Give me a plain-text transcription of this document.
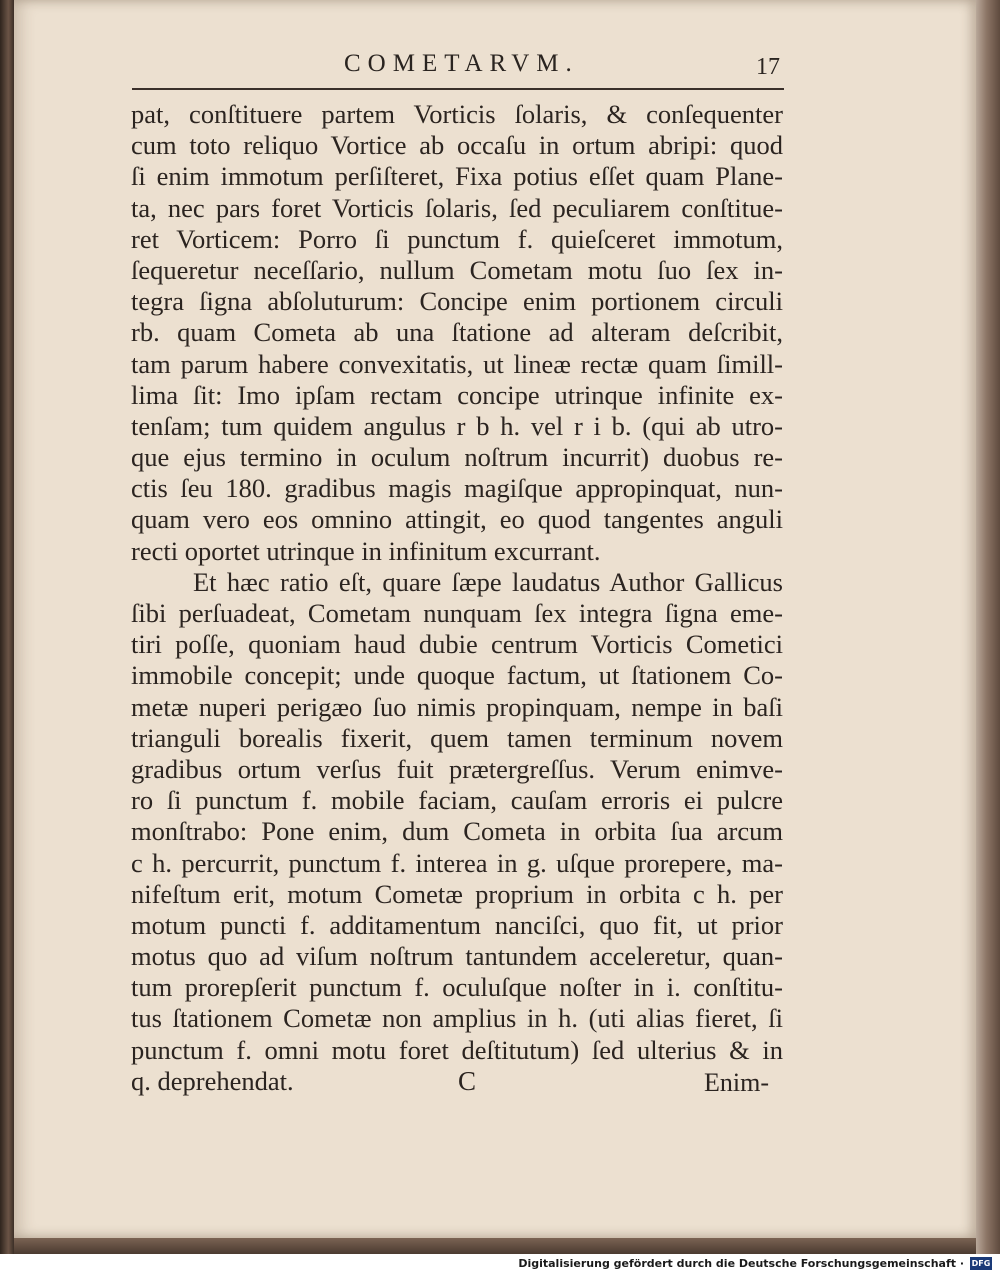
COMETARVM.	17
pat, conſtituere partem Vorticis ſolaris, & conſequenter
cum toto reliquo Vortice ab occaſu in ortum abripi: quod
ſi enim immotum perſiſteret, Fixa potius eſſet quam Plane-
ta, nec pars foret Vorticis ſolaris, ſed peculiarem conſtitue-
ret Vorticem: Porro ſi punctum f. quieſceret immotum,
ſequeretur neceſſario, nullum Cometam motu ſuo ſex in-
tegra ſigna abſoluturum: Concipe enim portionem circuli
rb. quam Cometa ab una ſtatione ad alteram deſcribit,
tam parum habere convexitatis, ut lineæ rectæ quam ſimill-
lima ſit: Imo ipſam rectam concipe utrinque infinite ex-
tenſam; tum quidem angulus r b h. vel r i b. (qui ab utro-
que ejus termino in oculum noſtrum incurrit) duobus re-
ctis ſeu 180. gradibus magis magiſque appropinquat, nun-
quam vero eos omnino attingit, eo quod tangentes anguli
recti oportet utrinque in infinitum excurrant.
Et hæc ratio eſt, quare ſæpe laudatus Author Gallicus
ſibi perſuadeat, Cometam nunquam ſex integra ſigna eme-
tiri poſſe, quoniam haud dubie centrum Vorticis Cometici
immobile concepit; unde quoque factum, ut ſtationem Co-
metæ nuperi perigæo ſuo nimis propinquam, nempe in baſi
trianguli borealis fixerit, quem tamen terminum novem
gradibus ortum verſus fuit prætergreſſus. Verum enimve-
ro ſi punctum f. mobile faciam, cauſam erroris ei pulcre
monſtrabo: Pone enim, dum Cometa in orbita ſua arcum
c h. percurrit, punctum f. interea in g. uſque prorepere, ma-
nifeſtum erit, motum Cometæ proprium in orbita c h. per
motum puncti f. additamentum nanciſci, quo fit, ut prior
motus quo ad viſum noſtrum tantundem acceleretur, quan-
tum prorepſerit punctum f. oculuſque noſter in i. conſtitu-
tus ſtationem Cometæ non amplius in h. (uti alias fieret, ſi
punctum f. omni motu foret deſtitutum) ſed ulterius & in
q. deprehendat.	C	Enim-
Digitalisierung gefördert durch die Deutsche Forschungsgemeinschaft · DFG
